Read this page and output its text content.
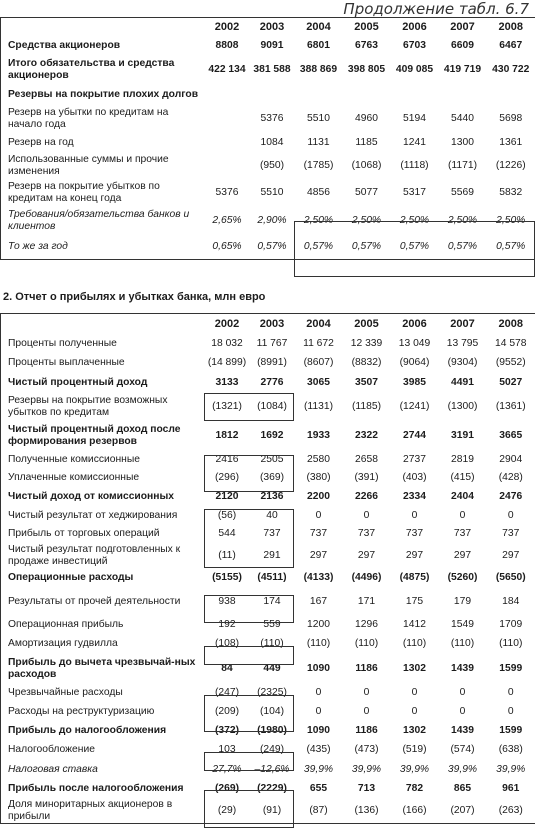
Продолжение табл. 6.7
	2002	2003	2004	2005	2006	2007	2008
Средства акционеров	8808	9091	6801	6763	6703	6609	6467
Итого обязательства и средства акционеров	422 134	381 588	388 869	398 805	409 085	419 719	430 722
Резервы на покрытие плохих долгов							
Резерв на убытки по кредитам на начало года		5376	5510	4960	5194	5440	5698
Резерв на год		1084	1131	1185	1241	1300	1361
Использованные суммы и прочие изменения		(950)	(1785)	(1068)	(1118)	(1171)	(1226)
Резерв на покрытие убытков по кредитам на конец года	5376	5510	4856	5077	5317	5569	5832
Требования/обязательства банков и клиентов	2,65%	2,90%	2,50%	2,50%	2,50%	2,50%	2,50%
То же за год	0,65%	0,57%	0,57%	0,57%	0,57%	0,57%	0,57%
2. Отчет о прибылях и убытках банка, млн евро
	2002	2003	2004	2005	2006	2007	2008
Проценты полученные	18 032	11 767	11 672	12 339	13 049	13 795	14 578
Проценты выплаченные	(14 899)	(8991)	(8607)	(8832)	(9064)	(9304)	(9552)
Чистый процентный доход	3133	2776	3065	3507	3985	4491	5027
Резервы на покрытие возможных убытков по кредитам	(1321)	(1084)	(1131)	(1185)	(1241)	(1300)	(1361)
Чистый процентный доход после формирования резервов	1812	1692	1933	2322	2744	3191	3665
Полученные комиссионные	2416	2505	2580	2658	2737	2819	2904
Уплаченные комиссионные	(296)	(369)	(380)	(391)	(403)	(415)	(428)
Чистый доход от комиссионных	2120	2136	2200	2266	2334	2404	2476
Чистый результат от хеджирования	(56)	40	0	0	0	0	0
Прибыль от торговых операций	544	737	737	737	737	737	737
Чистый результат подготовленных к продаже инвестиций	(11)	291	297	297	297	297	297
Операционные расходы	(5155)	(4511)	(4133)	(4496)	(4875)	(5260)	(5650)
Результаты от прочей деятельности	938	174	167	171	175	179	184
Операционная прибыль	192	559	1200	1296	1412	1549	1709
Амортизация гудвилла	(108)	(110)	(110)	(110)	(110)	(110)	(110)
Прибыль до вычета чрезвычай-ных расходов	84	449	1090	1186	1302	1439	1599
Чрезвычайные расходы	(247)	(2325)	0	0	0	0	0
Расходы на реструктуризацию	(209)	(104)	0	0	0	0	0
Прибыль до налогообложения	(372)	(1980)	1090	1186	1302	1439	1599
Налогообложение	103	(249)	(435)	(473)	(519)	(574)	(638)
Налоговая ставка	27,7%	–12,6%	39,9%	39,9%	39,9%	39,9%	39,9%
Прибыль после налогообложения	(269)	(2229)	655	713	782	865	961
Доля миноритарных акционеров в прибыли	(29)	(91)	(87)	(136)	(166)	(207)	(263)
